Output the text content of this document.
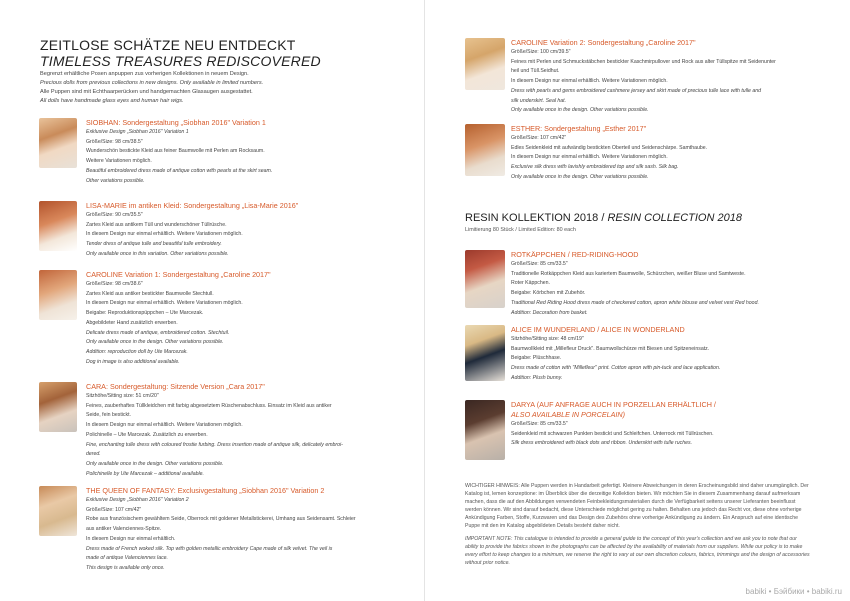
ZEITLOSE SCHÄTZE NEU ENTDECKT
TIMELESS TREASURES REDISCOVERED
Begrenzt erhältliche Posen anpuppen zus vorherigen Kollektionen in neuem Design.
Precious dolls from previous collections in new designs. Only available in limited numbers.
Alle Puppen sind mit Echthaarperücken und handgemachten Glasaugen ausgestattet.
All dolls have handmade glass eyes and human hair wigs.
SIOBHAN: Sondergestaltung „Siobhan 2016" Variation 1
Exklusive Design „Siobhan 2016" Variation 1
Größe/Size: 98 cm/38.5"
Wunderschön bestickte Kleid aus feiner Baumwolle mit Perlen am Rocksaum.
Weitere Variationen möglich.
Beautiful embroidered dress made of antique cotton with pearls at the skirt seam.
Other variations possible.
LISA-MARIE im antiken Kleid: Sondergestaltung „Lisa-Marie 2016"
Größe/Size: 90 cm/35.5"
Zartes Kleid aus antikem Tüll und wunderschöner Tüllrüsche.
In diesem Design nur einmal erhältlich. Weitere Variationen möglich.
Tender dress of antique tulle and beautiful tulle embroidery.
Only available once in this variation. Other variations possible.
CAROLINE Variation 1: Sondergestaltung „Caroline 2017"
Größe/Size: 98 cm/38.6"
Zartes Kleid aus antiker bestickter Baumwolle Stechtull.
In diesem Design nur einmal erhältlich. Weitere Variationen möglich.
Beigabe: Reproduktionspüppchen – Ute Marcezak.
Abgebildeter Hand zusätzlich erwerben.
Delicate dress made of antique, embroidered cotton. Stechtuil.
Only available once in the design. Other variations possible.
Addition: reproduction doll by Ute Marcezak.
Dog in image is also additional available.
CARA: Sondergestaltung: Sitzende Version „Cara 2017"
Sitzhöhe/Sitting size: 51 cm/20"
Feines, zauberhaftes Tüllkleidchen mit farbig abgesetztem Rüschenabschluss. Einsatz im Kleid aus antiker
Seide, fein bestickt.
In diesem Design nur einmal erhältlich. Weitere Variationen möglich.
Polichinelle – Ute Marcezak. Zusätzlich zu erwerben.
Fine, enchanting tulle dress with coloured frostie furbing. Dress insertion made of antique silk, delicately embroi-
dered.
Only available once in the design. Other variations possible.
Polichinelle by Ute Marcezak – additional available.
THE QUEEN OF FANTASY: Exclusivgestaltung „Siobhan 2016" Variation 2
Exklusive Design „Siobhan 2016" Variation 2
Größe/Size: 107 cm/42"
Robe aus französischem gewähltem Seide, Oberrock mit goldener Metallstickerei, Umhang aus Seidensamt. Schleier
aus antiker Valenciennes-Spitze.
In diesem Design nur einmal erhältlich.
Dress made of French woked silk. Top with golden metallic embroidery Cape made of silk velvet. The veil is
made of antique Valenciennes lace.
This design is available only once.
CAROLINE Variation 2: Sondergestaltung „Caroline 2017"
Größe/Size: 100 cm/39.5"
Feines mit Perlen und Schmuckstäbchen bestickter Kaschmirpullover und Rock aus alter Tüllspitze mit Seidenunter
heil und Tüll.Seidhut.
In diesem Design nur einmal erhältlich. Weitere Variationen möglich.
Dress with pearls and gems embroidered cashmere jersey and skirt made of precious tulle lace with tulle and
silk underskirt. Seal hat.
Only available once in the design. Other variations possible.
ESTHER: Sondergestaltung „Esther 2017"
Größe/Size: 107 cm/42"
Edles Seidenkleid mit aufwändig bestickten Oberteil und Seidenschärpe. Samthaube.
In diesem Design nur einmal erhältlich. Weitere Variationen möglich.
Exclusive silk dress with lavishly embroidered top and silk sash. Silk bag.
Only available once in the design. Other variations possible.
RESIN KOLLEKTION 2018 / RESIN COLLECTION 2018
Limitierung 80 Stück / Limited Edition: 80 each
ROTKÄPPCHEN / RED-RIDING-HOOD
Größe/Size: 85 cm/33.5"
Traditionelle Rotkäppchen Kleid aus kariertem Baumwolle, Schürzchen, weißer Bluse und Samtweste.
Roter Käppchen.
Beigabe: Körbchen mit Zubehör.
Traditional Red Riding Hood dress made of checkered cotton, apron white blouse and velvet vest Red hood.
Addition: Decoration from basket.
ALICE IM WUNDERLAND / ALICE IN WONDERLAND
Sitzhöhe/Sitting size: 48 cm/19"
Baumwollkleid mit „Millefleur Druck". Baumwollschürze mit Biesen und Spitzeneinsatz.
Beigabe: Plüschhase.
Dress made of cotton with "Millefleur" print. Cotton apron with pin-tuck and lace application.
Addition: Plush bunny.
DARYA (AUF ANFRAGE AUCH IN PORZELLAN ERHÄLTLICH /
ALSO AVAILABLE IN PORCELAIN)
Größe/Size: 85 cm/33.5"
Seidenkleid mit schwarzen Punkten bestickt und Schleifchen. Unterrock mit Tüllrüschen.
Silk dress embroidered with black dots and ribbon. Underskirt with tulle ruches.

WICHTIGER HINWEIS: Alle Puppen werden in Handarbeit gefertigt. Kleinere Abweichungen in deren Erscheinungsbild sind daher unumgänglich. Der Katalog ist, lemen konzeptione: im Überblick über die derzeitige Kollektion bieten. Wir möchten Sie in diesem Zusammenhang darauf aufmerksam machen, dass die auf den Abbildungen verwendeten Feinbekleidungsmaterialien durch die Verfügbarkeit seitens unserer Lieferanten beeinflusst werden können. Wir sind darauf bedacht, diese Unterschiede möglichst gering zu halten. Behalten uns jedoch das Recht vor, diese ohne vorherige Ankündigung Farben, Stoffe, Kurzwaren und das Design des Zubehörs ohne vorherige Ankündigung zu ändern. Ein Anspruch auf eine identische Puppe mit den im Katalog abgebildeten Details besteht daher nicht.

IMPORTANT NOTE: This catalogue is intended to provide a general guide to the concept of this year's collection and we ask you to note that our ability to provide the fabrics shown in the photographs can be affected by the availability of materials from our suppliers. While our policy is to make every effort to keep changes to a minimum, we reserve the right to vary at our own discretion colours, fabrics, trimmings and the design of accessories without prior notice.

babiki • Бэйбики • babiki.ru
